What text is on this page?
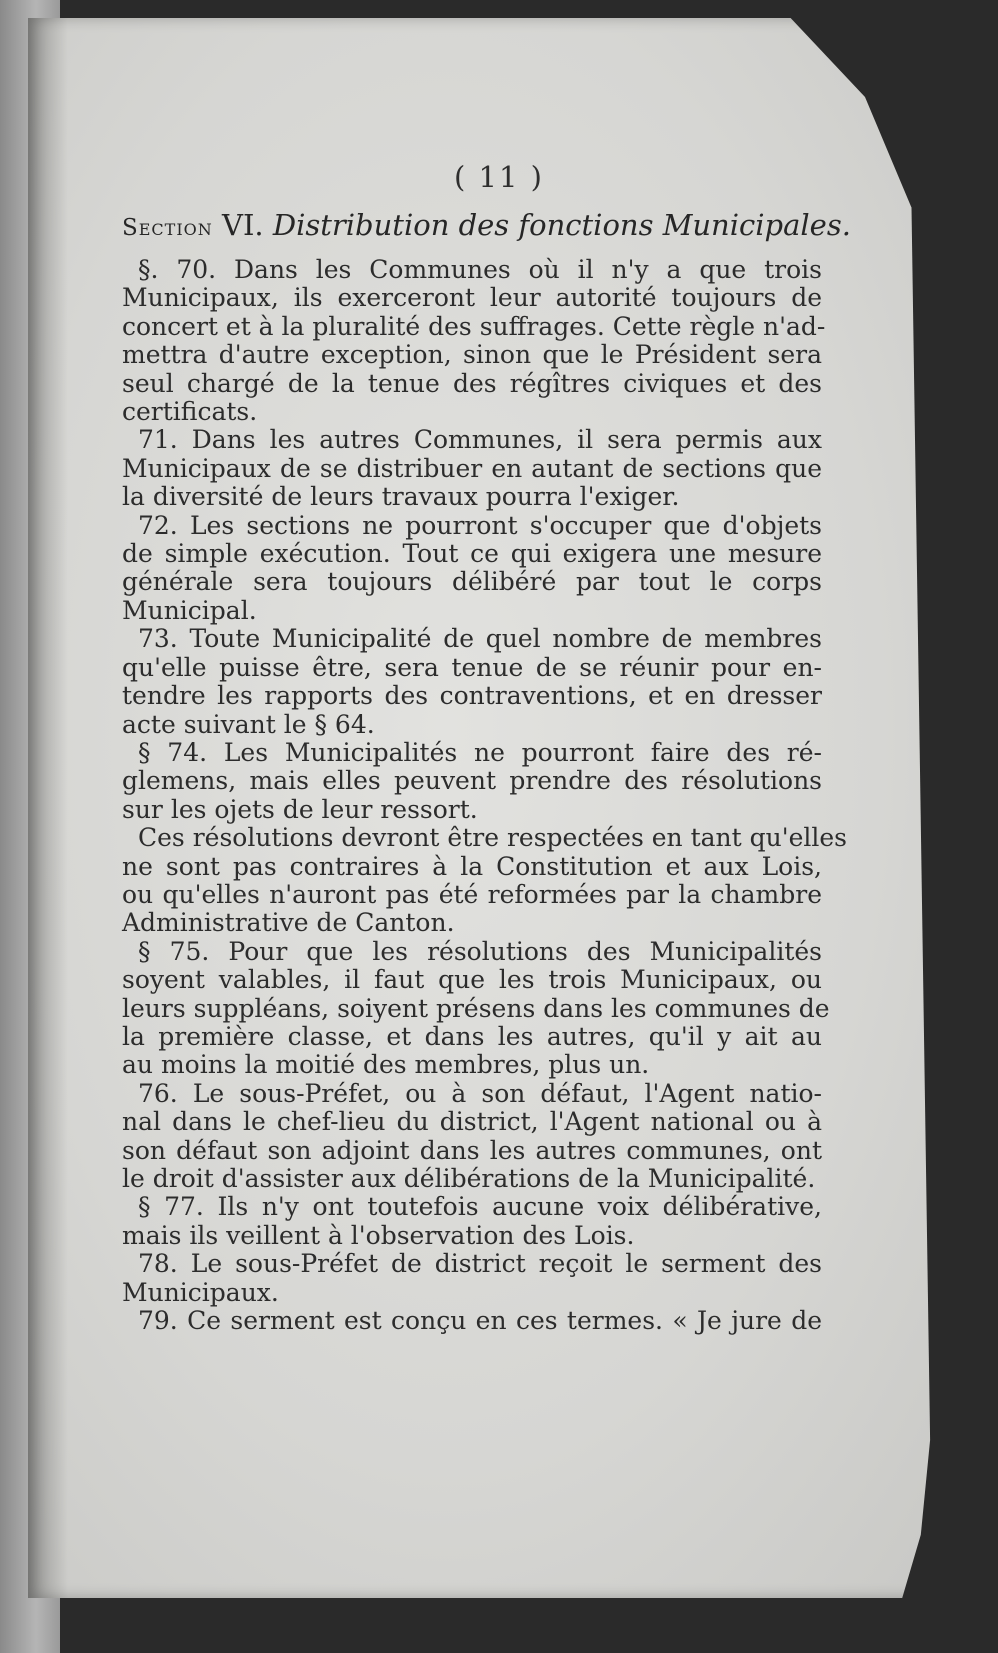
( 11 )
Section VI. Distribution des fonctions Municipales.
§. 70. Dans les Communes où il n'y a que trois
Municipaux, ils exerceront leur autorité toujours de
concert et à la pluralité des suffrages. Cette règle n'ad-
mettra d'autre exception, sinon que le Président sera
seul chargé de la tenue des régîtres civiques et des
certificats.
71. Dans les autres Communes, il sera permis aux
Municipaux de se distribuer en autant de sections que
la diversité de leurs travaux pourra l'exiger.
72. Les sections ne pourront s'occuper que d'objets
de simple exécution. Tout ce qui exigera une mesure
générale sera toujours délibéré par tout le corps
Municipal.
73. Toute Municipalité de quel nombre de membres
qu'elle puisse être, sera tenue de se réunir pour en-
tendre les rapports des contraventions, et en dresser
acte suivant le § 64.
§ 74. Les Municipalités ne pourront faire des ré-
glemens, mais elles peuvent prendre des résolutions
sur les ojets de leur ressort.
Ces résolutions devront être respectées en tant qu'elles
ne sont pas contraires à la Constitution et aux Lois,
ou qu'elles n'auront pas été reformées par la chambre
Administrative de Canton.
§ 75. Pour que les résolutions des Municipalités
soyent valables, il faut que les trois Municipaux, ou
leurs suppléans, soiyent présens dans les communes de
la première classe, et dans les autres, qu'il y ait au
au moins la moitié des membres, plus un.
76. Le sous-Préfet, ou à son défaut, l'Agent natio-
nal dans le chef-lieu du district, l'Agent national ou à
son défaut son adjoint dans les autres communes, ont
le droit d'assister aux délibérations de la Municipalité.
§ 77. Ils n'y ont toutefois aucune voix délibérative,
mais ils veillent à l'observation des Lois.
78. Le sous-Préfet de district reçoit le serment des
Municipaux.
79. Ce serment est conçu en ces termes. « Je jure de
